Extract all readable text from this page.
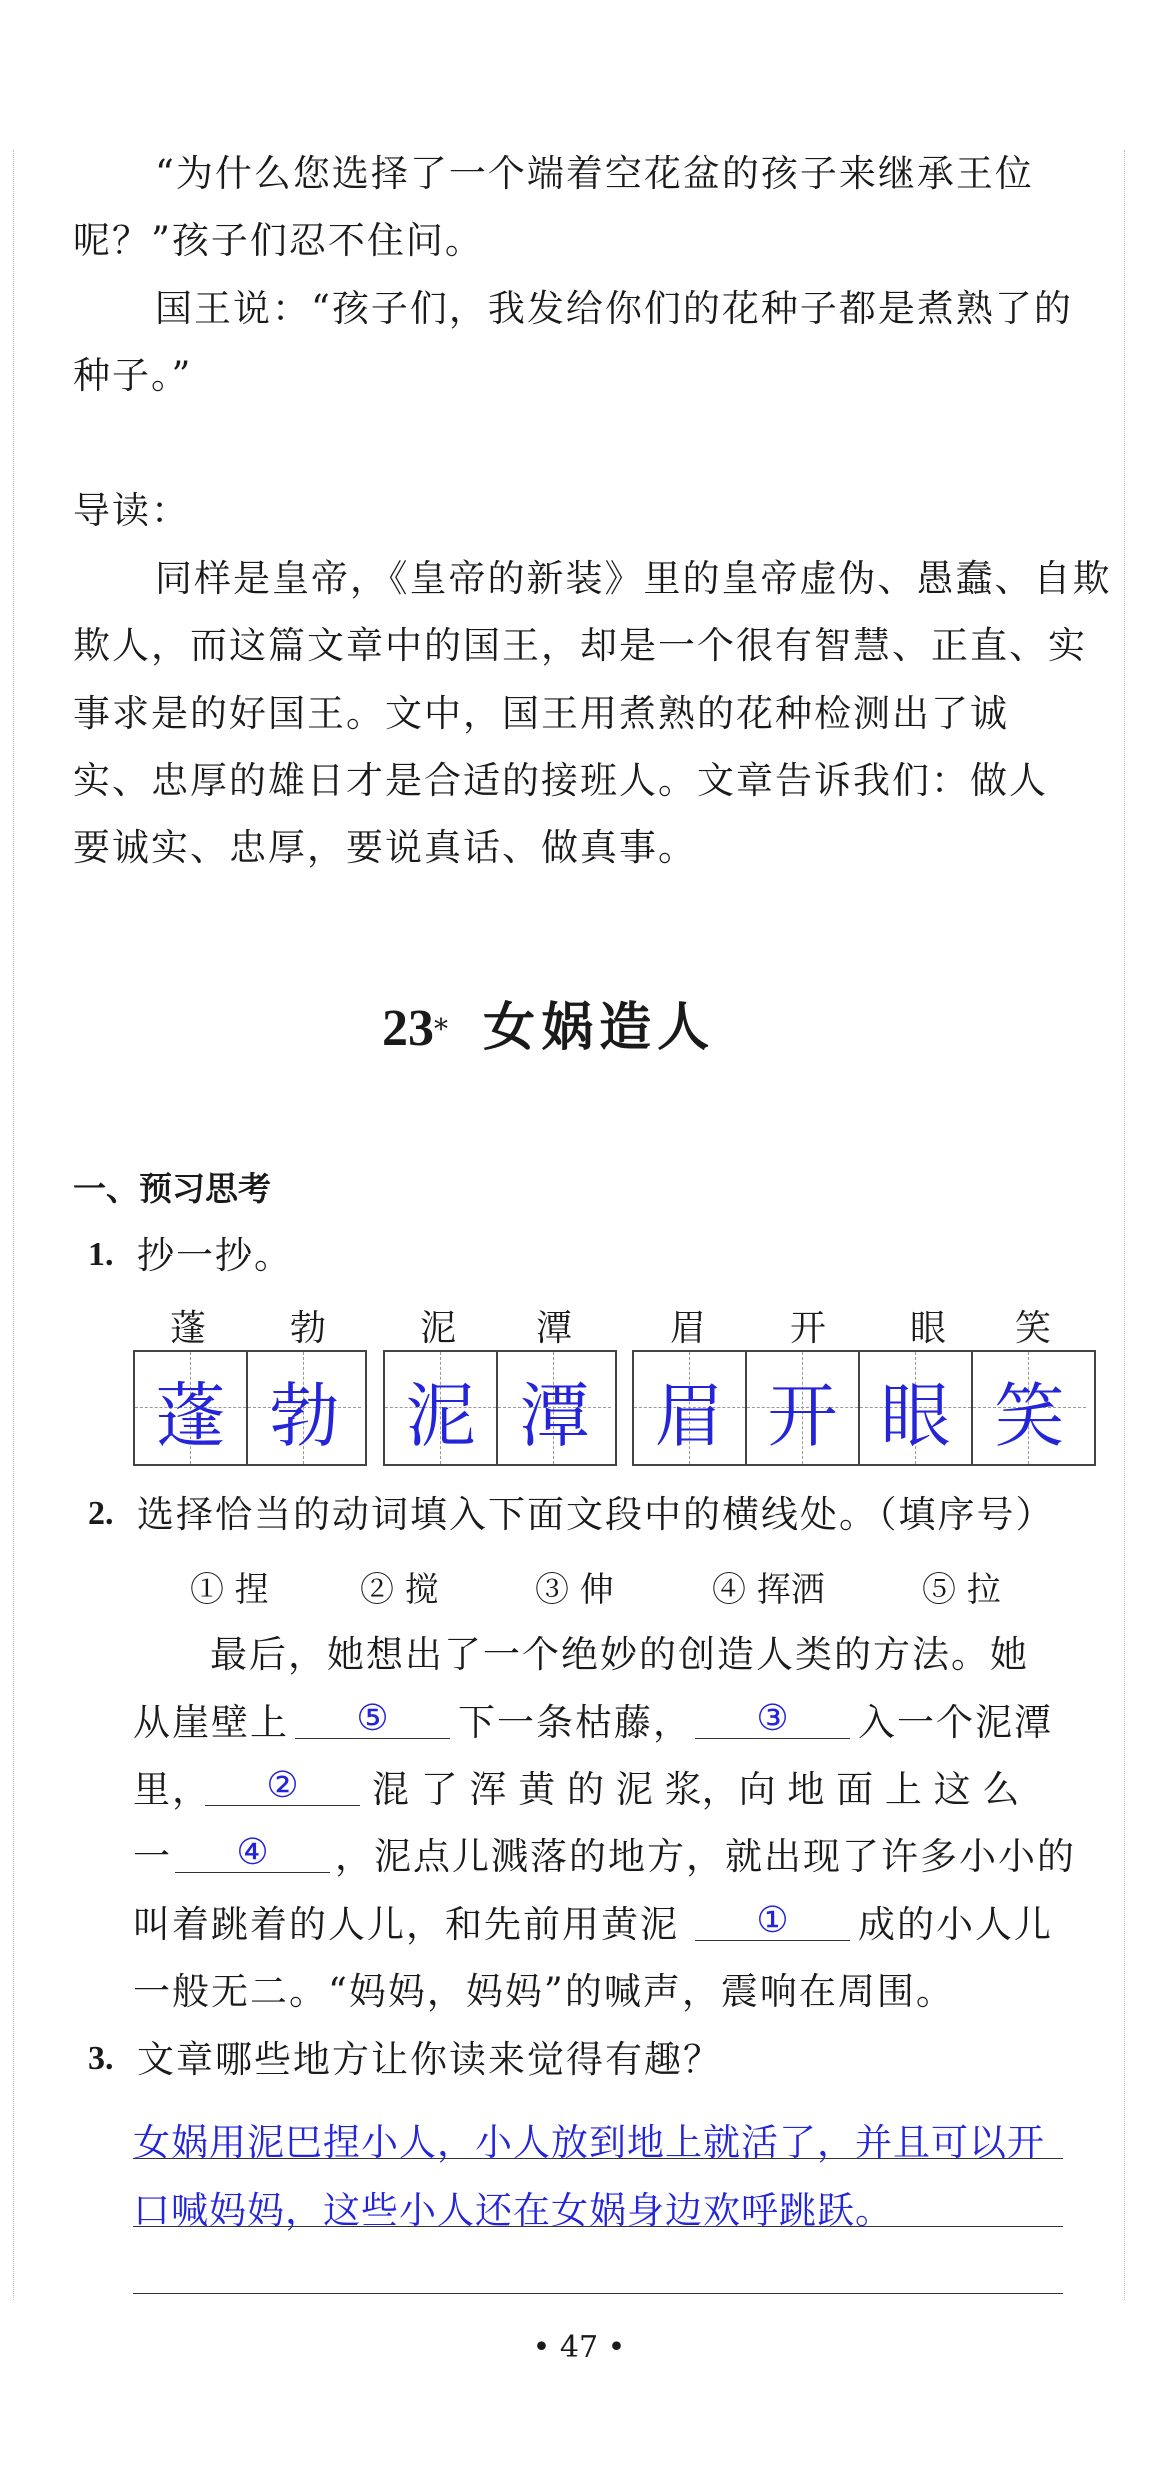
“为什么您选择了一个端着空花盆的孩子来继承王位
呢？”孩子们忍不住问。
国王说：“孩子们，我发给你们的花种子都是煮熟了的
种子。”
导读：
同样是皇帝，《皇帝的新装》里的皇帝虚伪、愚蠢、自欺
欺人，而这篇文章中的国王，却是一个很有智慧、正直、实
事求是的好国王。文中，国王用煮熟的花种检测出了诚
实、忠厚的雄日才是合适的接班人。文章告诉我们：做人
要诚实、忠厚，要说真话、做真事。
23* 女娲造人
一、预习思考
1. 抄一抄。
蓬 勃	泥 潭	眉 开 眼 笑
蓬 勃 泥 潭 眉 开 眼 笑
2. 选择恰当的动词填入下面文段中的横线处。（填序号）
① 捏	② 搅	③ 伸	④ 挥洒	⑤ 拉
最后，她想出了一个绝妙的创造人类的方法。她
从崖壁上	⑤	下一条枯藤，	③	入一个泥潭
里，	②	混 了 浑 黄 的 泥 浆，向 地 面 上 这 么
一	④	，泥点儿溅落的地方，就出现了许多小小的
叫着跳着的人儿，和先前用黄泥	①	成的小人儿
一般无二。“妈妈，妈妈”的喊声，震响在周围。
3. 文章哪些地方让你读来觉得有趣？
女娲用泥巴捏小人，小人放到地上就活了，并且可以开
口喊妈妈，这些小人还在女娲身边欢呼跳跃。
• 47 •
